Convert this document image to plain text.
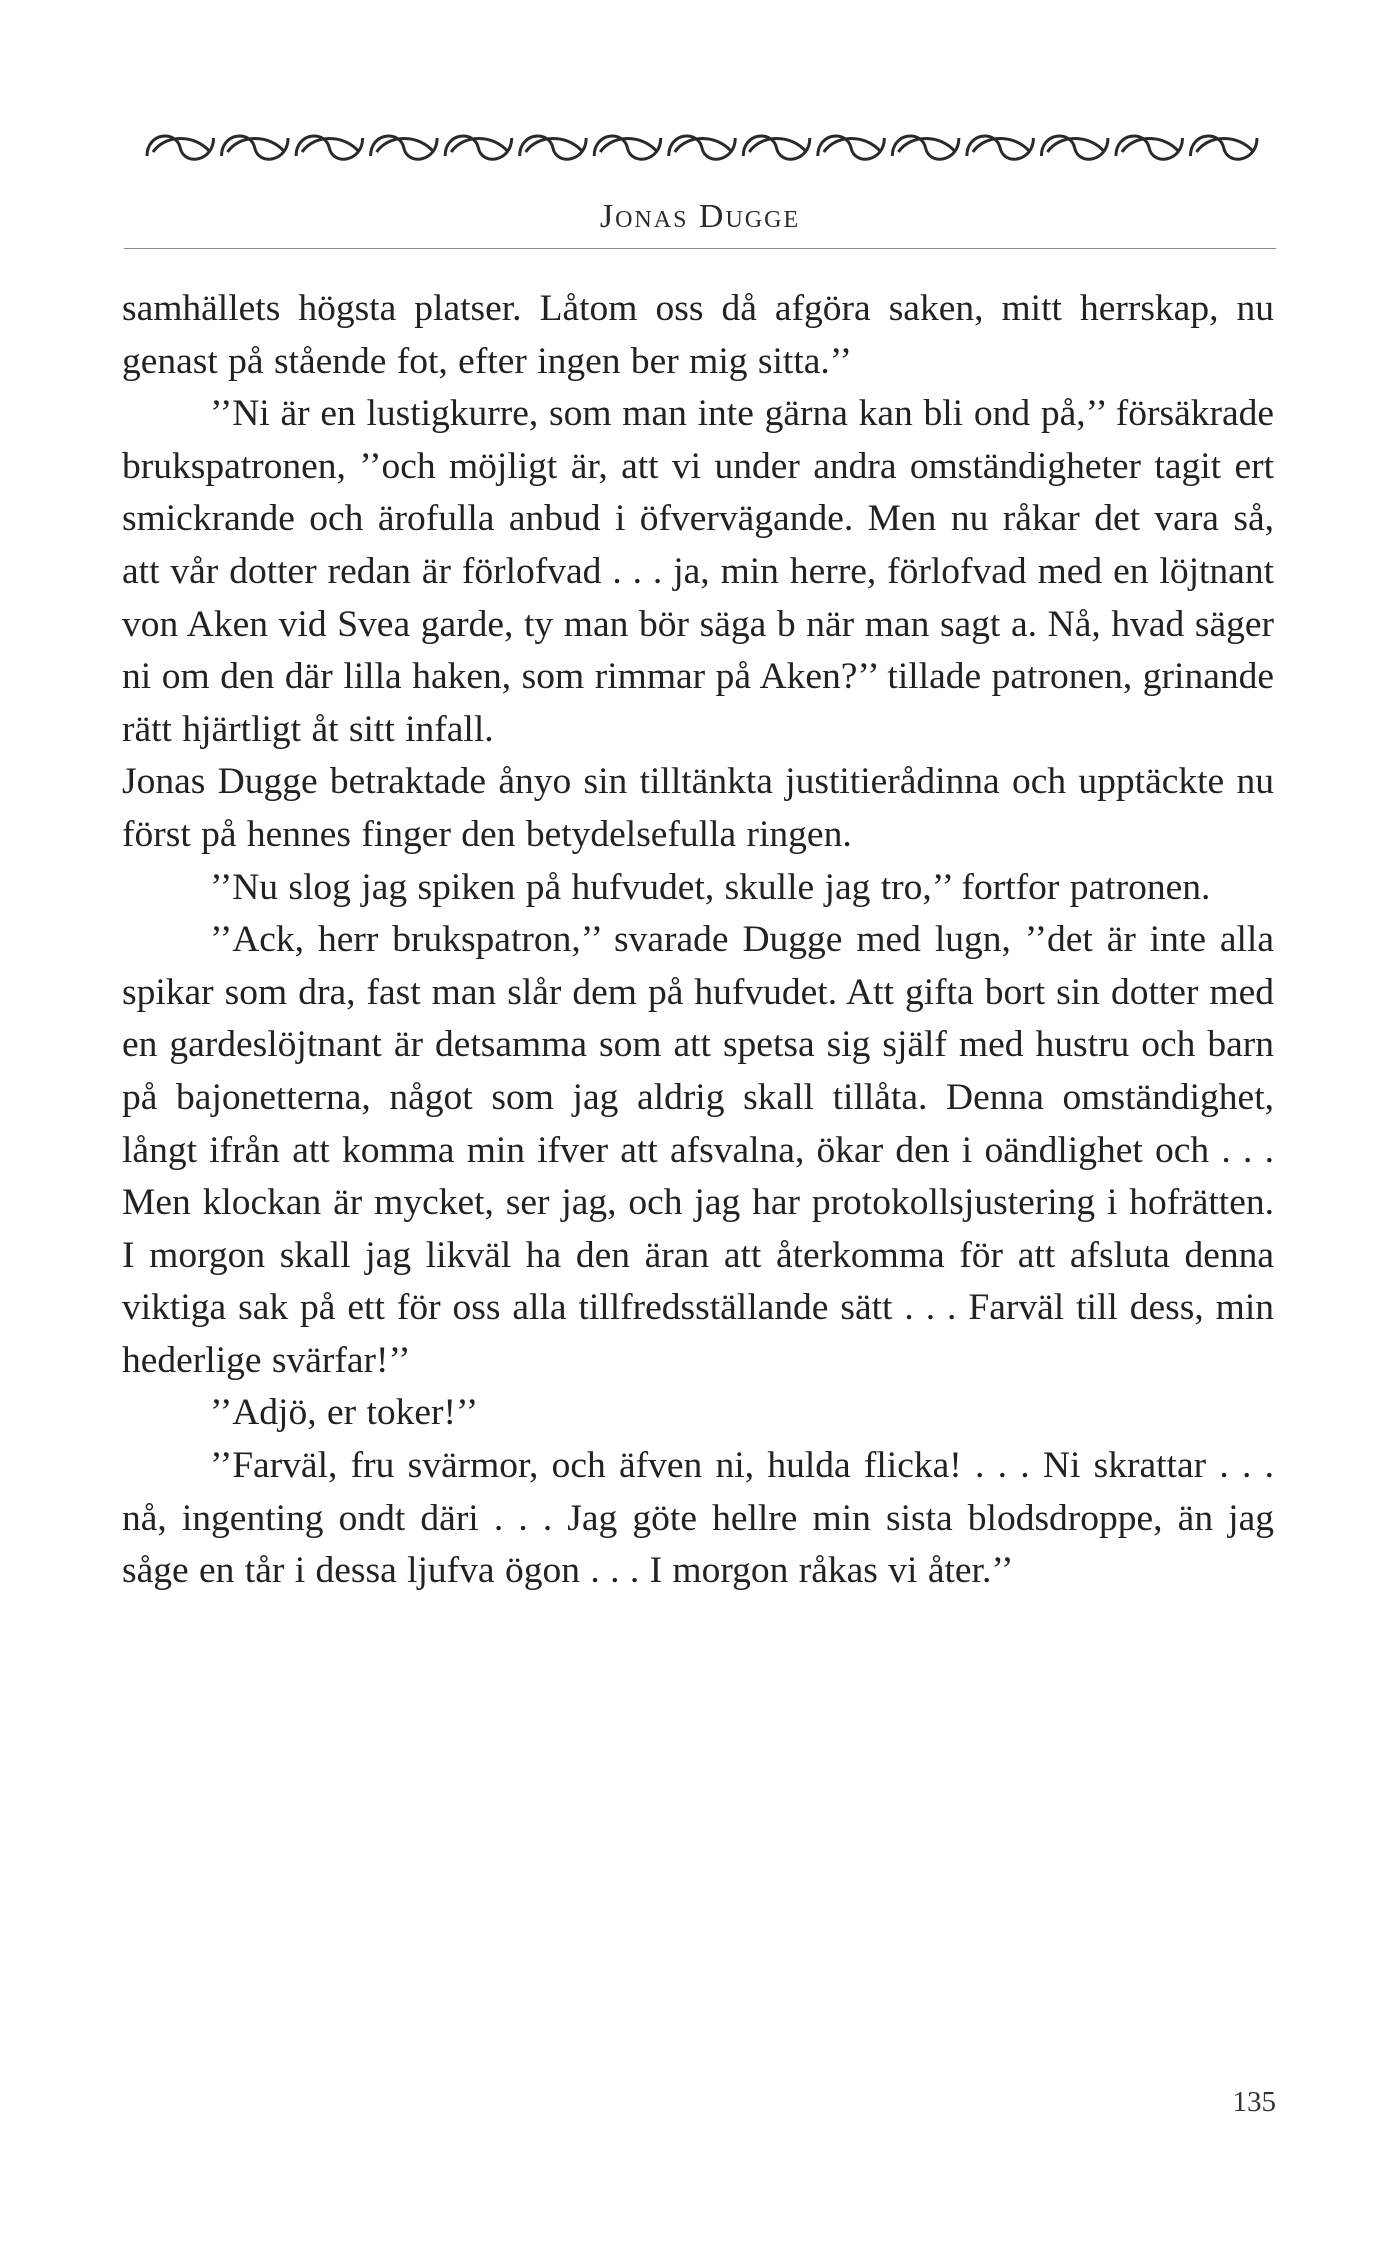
Jonas Dugge

samhällets högsta platser. Låtom oss då afgöra saken, mitt herrskap, nu genast på stående fot, efter ingen ber mig sitta.’’

’’Ni är en lustigkurre, som man inte gärna kan bli ond på,’’ försäkrade brukspatronen, ’’och möjligt är, att vi under andra omständigheter tagit ert smickrande och ärofulla anbud i öfvervägande. Men nu råkar det vara så, att vår dotter redan är förlofvad . . . ja, min herre, förlofvad med en löjtnant von Aken vid Svea garde, ty man bör säga b när man sagt a. Nå, hvad säger ni om den där lilla haken, som rimmar på Aken?’’ tillade patronen, grinande rätt hjärtligt åt sitt infall.

Jonas Dugge betraktade ånyo sin tilltänkta justitierådinna och upptäckte nu först på hennes finger den betydelsefulla ringen.

’’Nu slog jag spiken på hufvudet, skulle jag tro,’’ fortfor patronen.

’’Ack, herr brukspatron,’’ svarade Dugge med lugn, ’’det är inte alla spikar som dra, fast man slår dem på hufvudet. Att gifta bort sin dotter med en gardeslöjtnant är detsamma som att spetsa sig själf med hustru och barn på bajonetterna, något som jag aldrig skall tillåta. Denna omständighet, långt ifrån att komma min ifver att afsvalna, ökar den i oändlighet och . . . Men klockan är mycket, ser jag, och jag har protokollsjustering i hofrätten. I morgon skall jag likväl ha den äran att återkomma för att afsluta denna viktiga sak på ett för oss alla tillfredsställande sätt . . . Farväl till dess, min hederlige svärfar!’’

’’Adjö, er toker!’’

’’Farväl, fru svärmor, och äfven ni, hulda flicka! . . . Ni skrattar . . . nå, ingenting ondt däri . . . Jag göte hellre min sista blodsdroppe, än jag såge en tår i dessa ljufva ögon . . . I morgon råkas vi åter.’’

135
